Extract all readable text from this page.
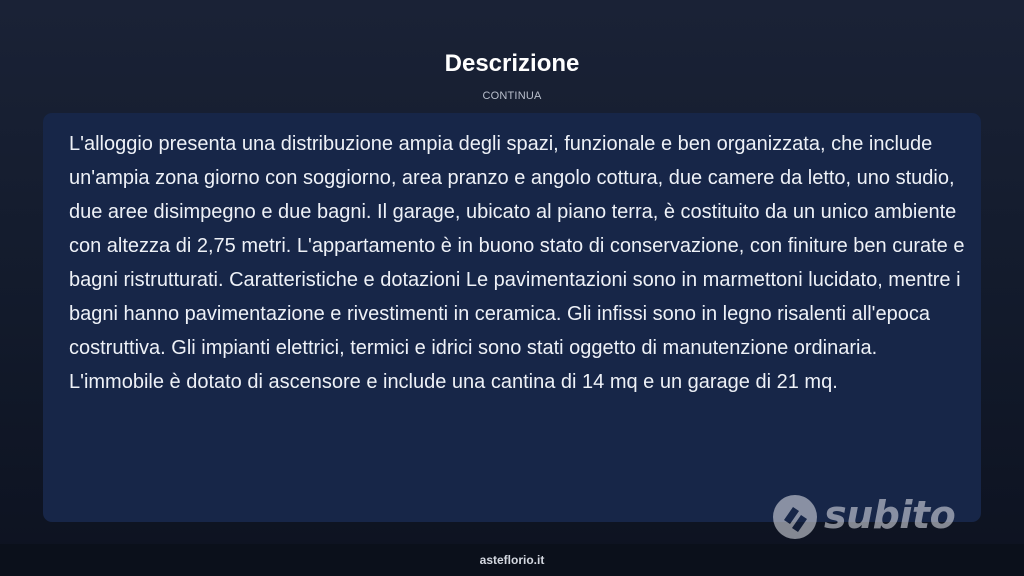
Descrizione
CONTINUA

L'alloggio presenta una distribuzione ampia degli spazi, funzionale e ben organizzata, che include un'ampia zona giorno con soggiorno, area pranzo e angolo cottura, due camere da letto, uno studio, due aree disimpegno e due bagni. Il garage, ubicato al piano terra, è costituito da un unico ambiente con altezza di 2,75 metri. L'appartamento è in buono stato di conservazione, con finiture ben curate e bagni ristrutturati. Caratteristiche e dotazioni Le pavimentazioni sono in marmettoni lucidato, mentre i bagni hanno pavimentazione e rivestimenti in ceramica. Gli infissi sono in legno risalenti all'epoca costruttiva. Gli impianti elettrici, termici e idrici sono stati oggetto di manutenzione ordinaria. L'immobile è dotato di ascensore e include una cantina di 14 mq e un garage di 21 mq.

subito
asteflorio.it
